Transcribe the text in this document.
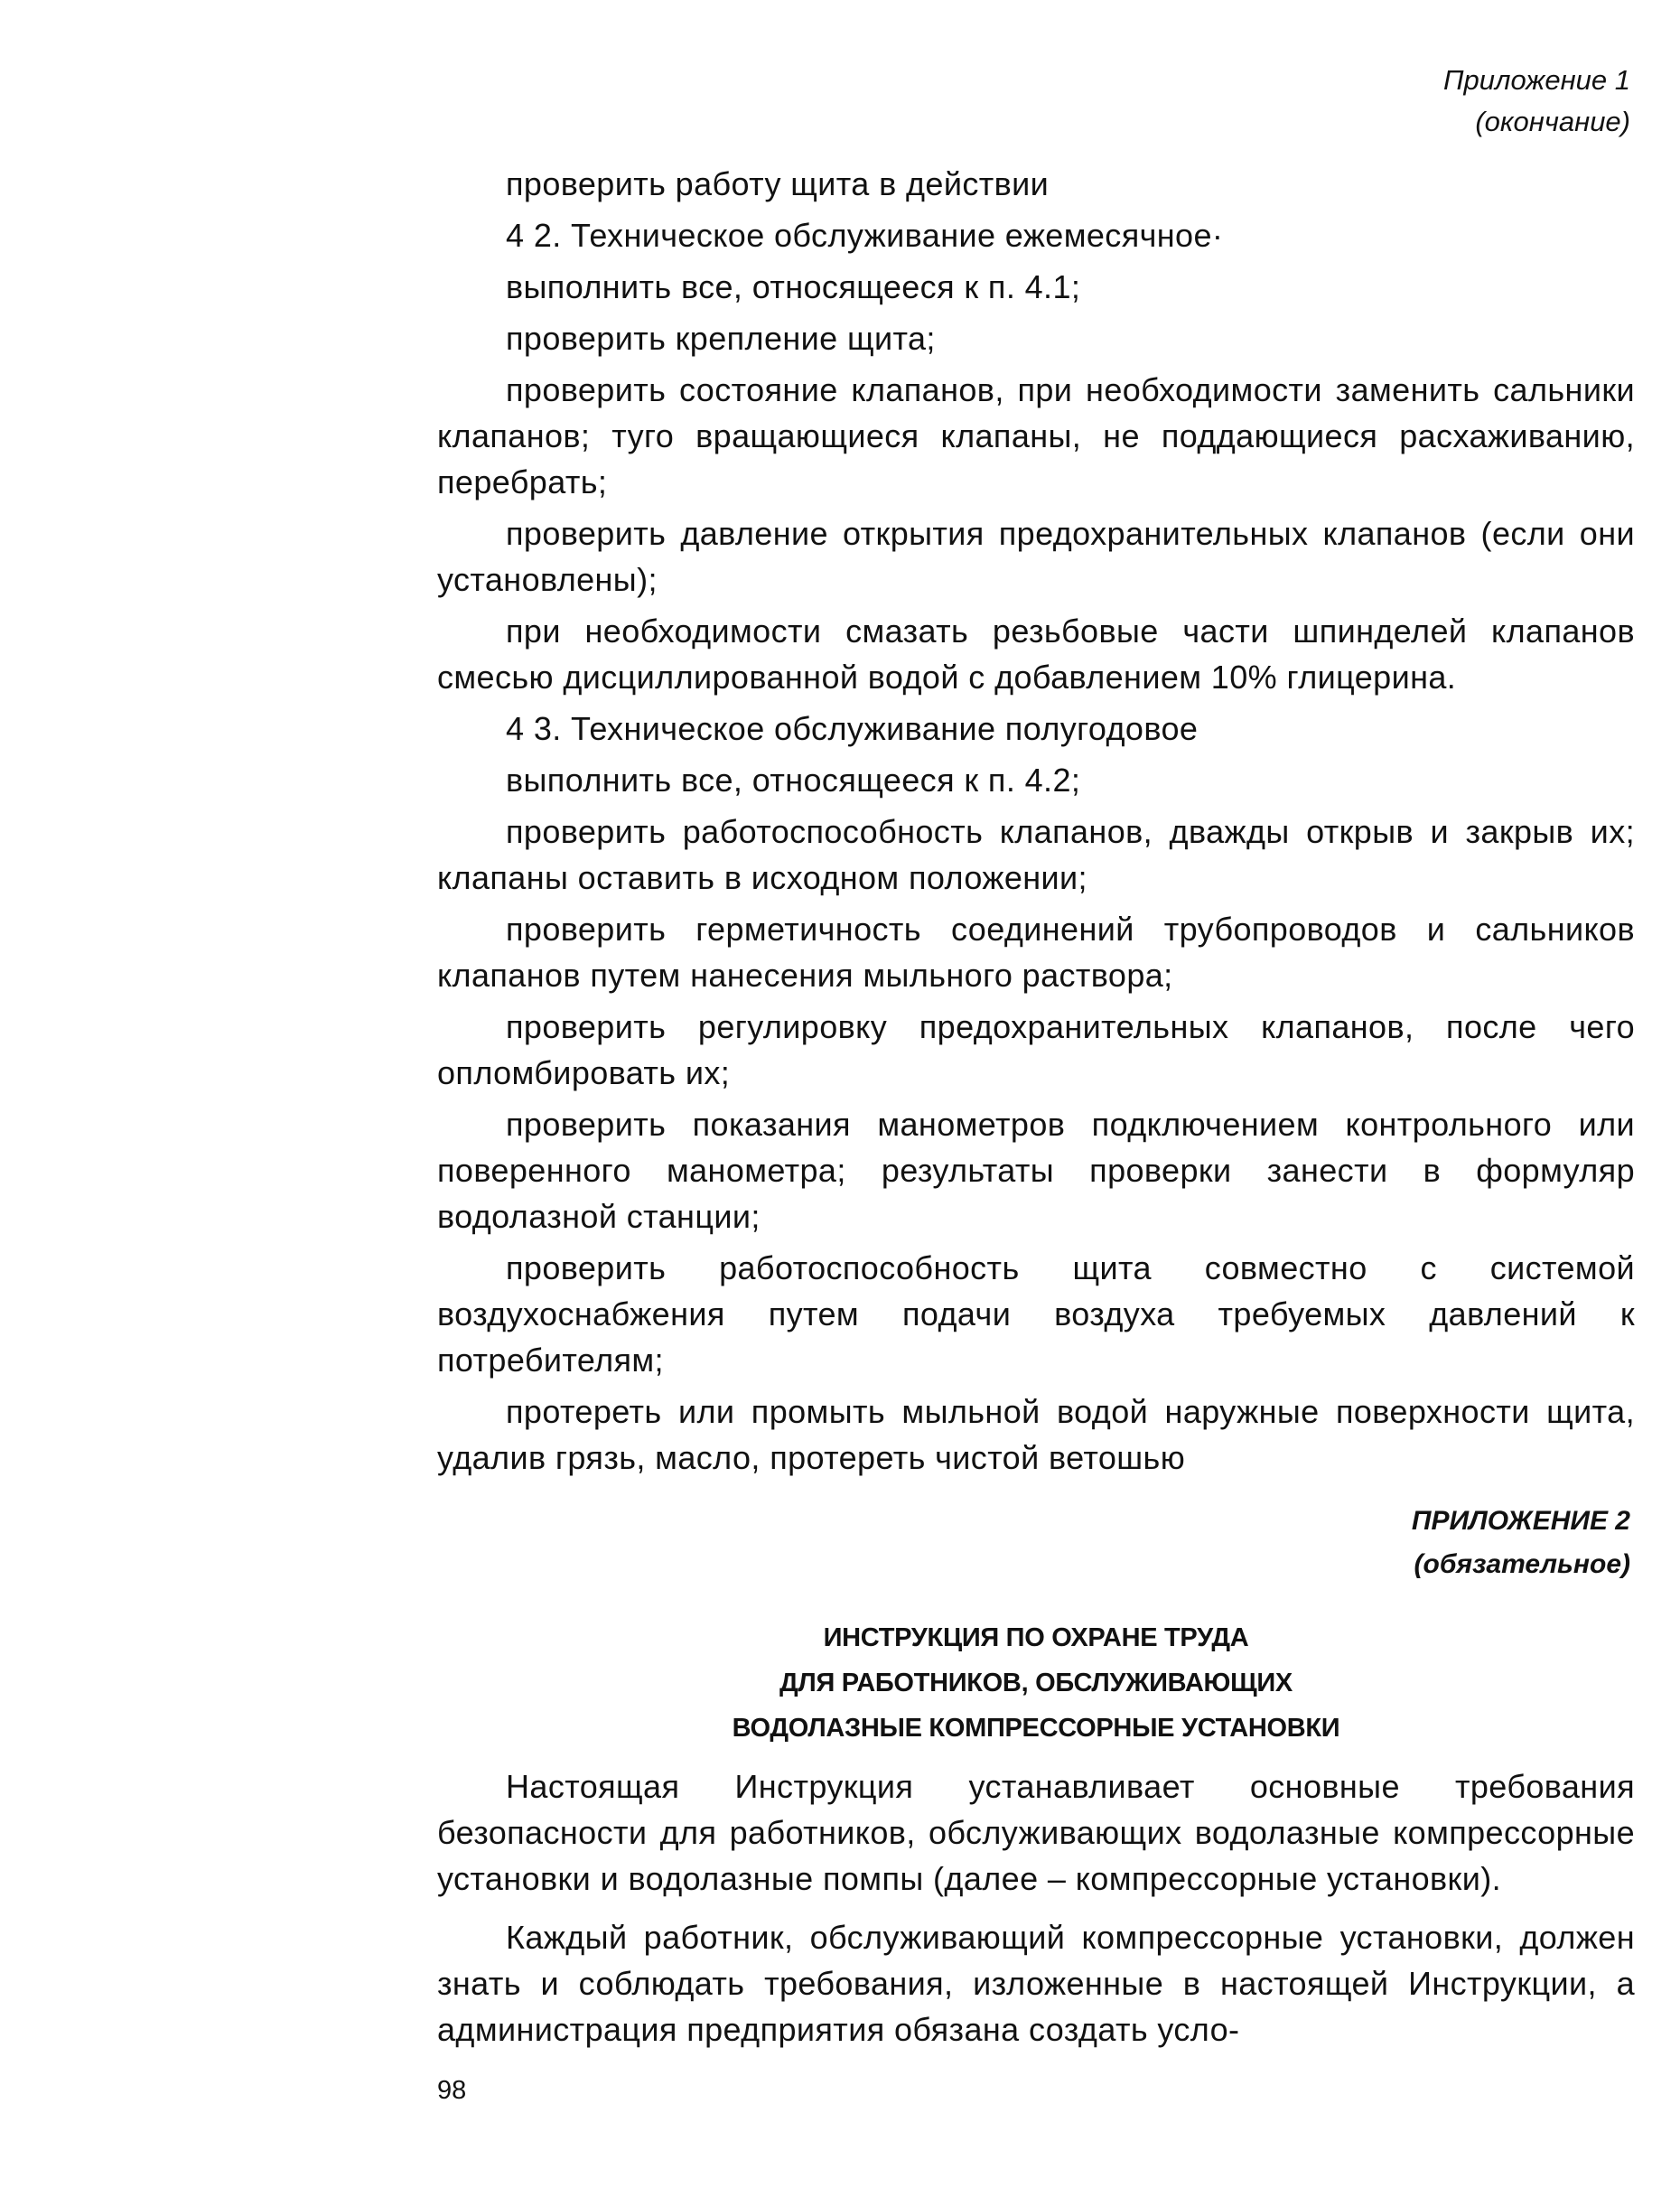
Приложение 1
(окончание)

проверить работу щита в действии

4 2. Техническое обслуживание ежемесячное·

выполнить все, относящееся к п. 4.1;

проверить крепление щита;

проверить состояние клапанов, при необходимости заменить сальники клапанов; туго вращающиеся клапаны, не поддающиеся расхаживанию, перебрать;

проверить давление открытия предохранительных клапанов (если они установлены);

при необходимости смазать резьбовые части шпинделей клапанов смесью дисциллированной водой с добавлением 10% глицерина.

4 3. Техническое обслуживание полугодовое

выполнить все, относящееся к п. 4.2;

проверить работоспособность клапанов, дважды открыв и закрыв их; клапаны оставить в исходном положении;

проверить герметичность соединений трубопроводов и сальников клапанов путем нанесения мыльного раствора;

проверить регулировку предохранительных клапанов, после чего опломбировать их;

проверить показания манометров подключением контрольного или поверенного манометра; результаты проверки занести в формуляр водолазной станции;

проверить работоспособность щита совместно с системой воздухоснабжения путем подачи воздуха требуемых давлений к потребителям;

протереть или промыть мыльной водой наружные поверхности щита, удалив грязь, масло, протереть чистой ветошью

ПРИЛОЖЕНИЕ 2
(обязательное)
ИНСТРУКЦИЯ ПО ОХРАНЕ ТРУДА
ДЛЯ РАБОТНИКОВ, ОБСЛУЖИВАЮЩИХ
ВОДОЛАЗНЫЕ КОМПРЕССОРНЫЕ УСТАНОВКИ

Настоящая Инструкция устанавливает основные требования безопасности для работников, обслуживающих водолазные компрессорные установки и водолазные помпы (далее – компрессорные установки).

Каждый работник, обслуживающий компрессорные установки, должен знать и соблюдать требования, изложенные в настоящей Инструкции, а администрация предприятия обязана создать усло-

98
